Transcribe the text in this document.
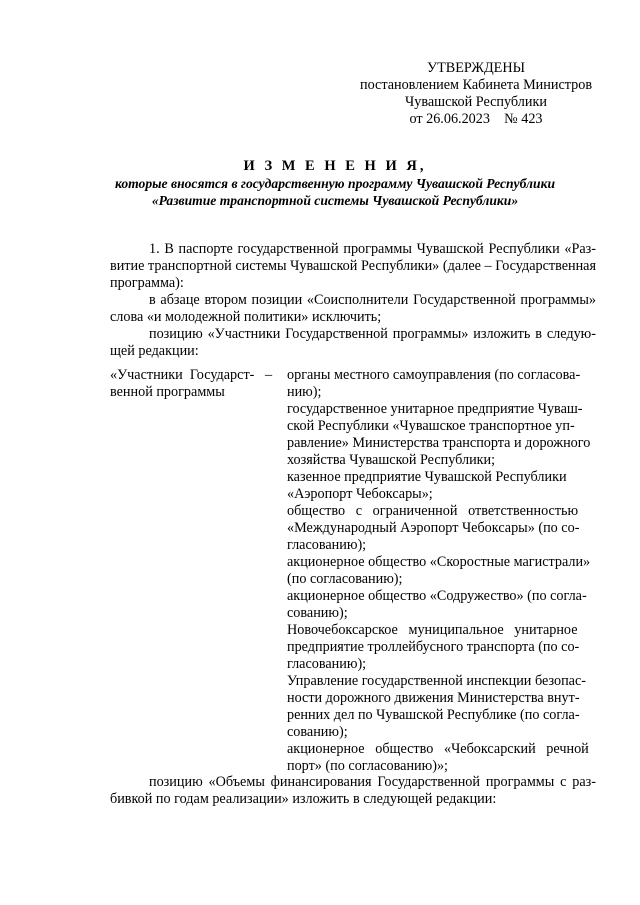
УТВЕРЖДЕНЫ
постановлением Кабинета Министров
Чувашской Республики
от 26.06.2023    № 423
И З М Е Н Е Н И Я,
которые вносятся в государственную программу Чувашской Республики
«Развитие транспортной системы Чувашской Республики»
1. В паспорте государственной программы Чувашской Республики «Раз-
витие транспортной системы Чувашской Республики» (далее – Государственная
программа):
в абзаце втором позиции «Соисполнители Государственной программы»
слова «и молодежной политики» исключить;
позицию «Участники Государственной программы» изложить в следую-
щей редакции:
«Участники  Государст-   –
венной программы
органы местного самоуправления (по согласова-
нию);
государственное унитарное предприятие Чуваш-
ской Республики «Чувашское транспортное уп-
равление» Министерства транспорта и дорожного
хозяйства Чувашской Республики;
казенное предприятие Чувашской Республики
«Аэропорт Чебоксары»;
общество   с   ограниченной   ответственностью
«Международный Аэропорт Чебоксары» (по со-
гласованию);
акционерное общество «Скоростные магистрали»
(по согласованию);
акционерное общество «Содружество» (по согла-
сованию);
Новочебоксарское   муниципальное   унитарное
предприятие троллейбусного транспорта (по со-
гласованию);
Управление государственной инспекции безопас-
ности дорожного движения Министерства внут-
ренних дел по Чувашской Республике (по согла-
сованию);
акционерное   общество   «Чебоксарский   речной
порт» (по согласованию)»;
позицию «Объемы финансирования Государственной программы с раз-
бивкой по годам реализации» изложить в следующей редакции:
